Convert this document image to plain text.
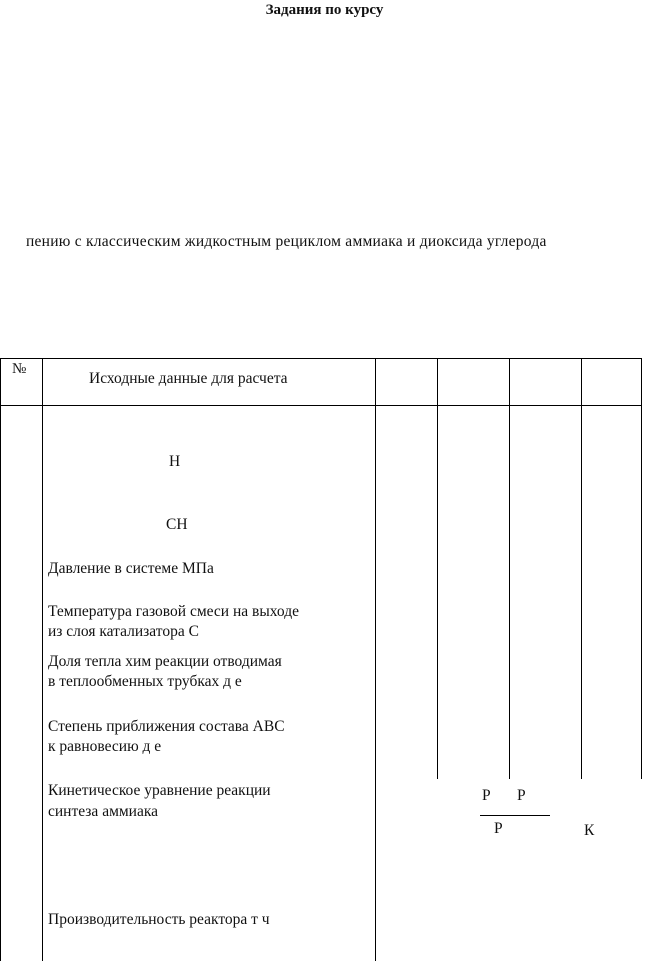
Задания по курсу
пению с классическим жидкостным рециклом аммиака и диоксида углерода
№
Исходные данные для расчета
Н
СН
Давление в системе МПа
Температура газовой смеси на выходе
из слоя катализатора С
Доля тепла хим реакции отводимая
в теплообменных трубках д е
Степень приближения состава АВС
к равновесию д е
Кинетическое уравнение реакции
синтеза аммиака
Производительность реактора т ч
Р Р
Р	К
